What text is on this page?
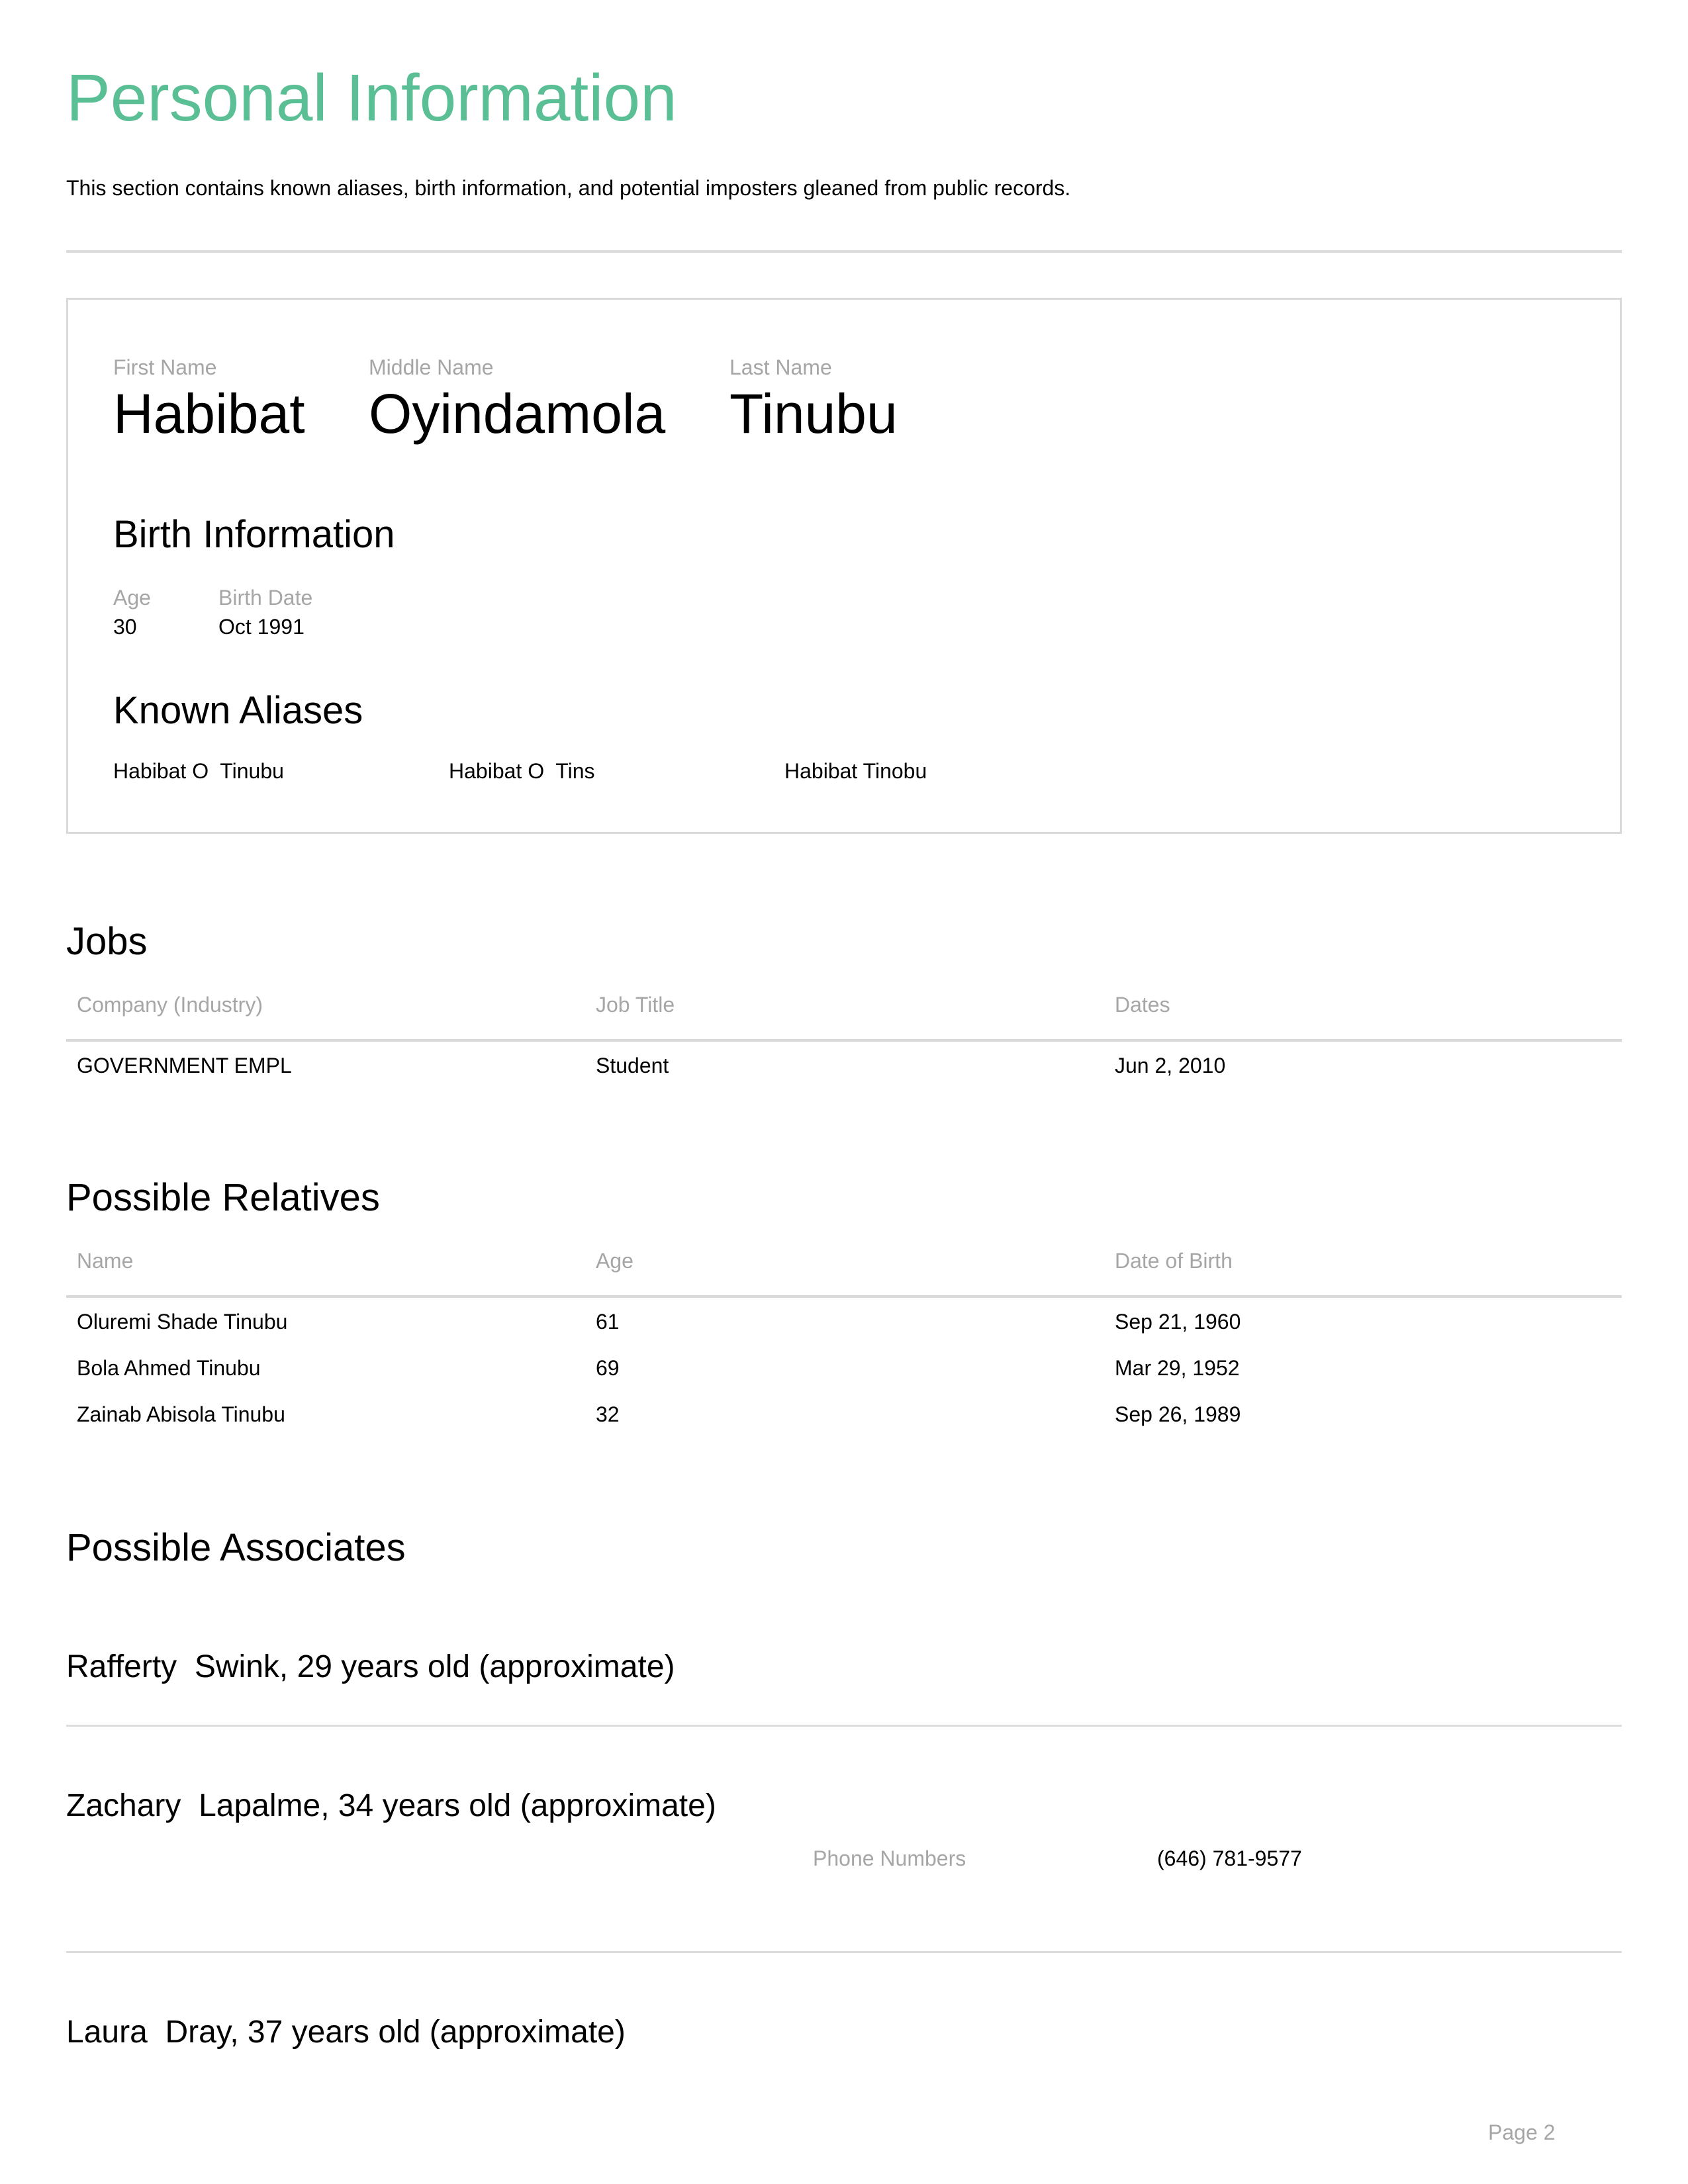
Personal Information
This section contains known aliases, birth information, and potential imposters gleaned from public records.
First Name
Habibat
Middle Name
Oyindamola
Last Name
Tinubu
Birth Information
Age
30
Birth Date
Oct 1991
Known Aliases
Habibat O  Tinubu	Habibat O  Tins	Habibat Tinobu
Jobs
Company (Industry)	Job Title	Dates
GOVERNMENT EMPL	Student	Jun 2, 2010
Possible Relatives
Name	Age	Date of Birth
Oluremi Shade Tinubu	61	Sep 21, 1960
Bola Ahmed Tinubu	69	Mar 29, 1952
Zainab Abisola Tinubu	32	Sep 26, 1989
Possible Associates
Rafferty  Swink, 29 years old (approximate)
Zachary  Lapalme, 34 years old (approximate)
Phone Numbers	(646) 781-9577
Laura  Dray, 37 years old (approximate)
Page 2
